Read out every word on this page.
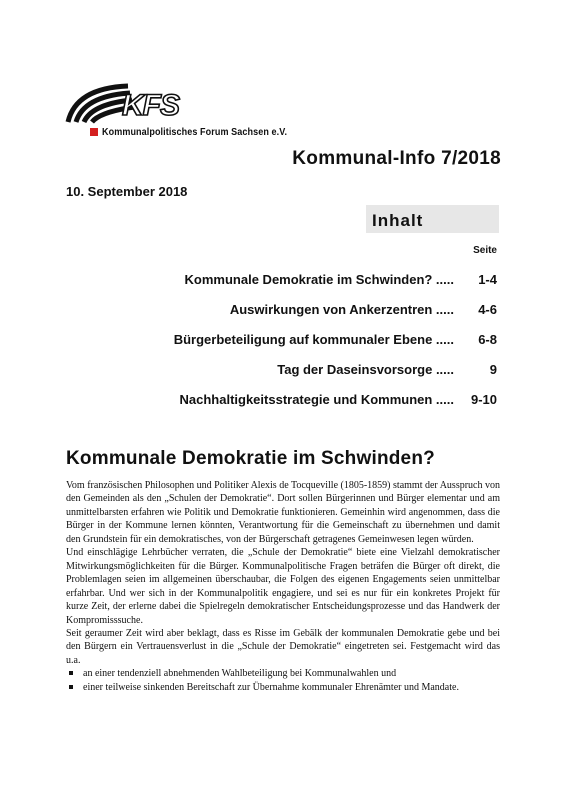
KFS
Kommunalpolitisches Forum Sachsen e.V.
Kommunal-Info 7/2018
10. September 2018
Inhalt
Seite
Kommunale Demokratie im Schwinden? .....	1-4
Auswirkungen von Ankerzentren .....	4-6
Bürgerbeteiligung auf kommunaler Ebene .....	6-8
Tag der Daseinsvorsorge .....	9
Nachhaltigkeitsstrategie und Kommunen .....	9-10
Kommunale Demokratie im Schwinden?

Vom französischen Philosophen und Politiker Alexis de Tocqueville (1805-1859) stammt der Ausspruch von den Gemeinden als den „Schulen der Demokratie“. Dort sollen Bürgerinnen und Bürger elementar und am unmittelbarsten erfahren wie Politik und Demokratie funktionieren. Gemeinhin wird angenommen, dass die Bürger in der Kommune lernen könnten, Verantwortung für die Gemeinschaft zu übernehmen und damit den Grundstein für ein demokratisches, von der Bürgerschaft getragenes Gemeinwesen legen würden.

Und einschlägige Lehrbücher verraten, die „Schule der Demokratie“ biete eine Vielzahl demokratischer Mitwirkungsmöglichkeiten für die Bürger. Kommunalpolitische Fragen beträfen die Bürger oft direkt, die Problemlagen seien im allgemeinen überschaubar, die Folgen des eigenen Engagements seien unmittelbar erfahrbar. Und wer sich in der Kommunalpolitik engagiere, und sei es nur für ein konkretes Projekt für kurze Zeit, der erlerne dabei die Spielregeln demokratischer Entscheidungsprozesse und das Handwerk der Kompromisssuche.

Seit geraumer Zeit wird aber beklagt, dass es Risse im Gebälk der kommunalen Demokratie gebe und bei den Bürgern ein Vertrauensverlust in die „Schule der Demokratie“ eingetreten sei. Festgemacht wird das u.a.

an einer tendenziell abnehmenden Wahlbeteiligung bei Kommunalwahlen und
einer teilweise sinkenden Bereitschaft zur Übernahme kommunaler Ehrenämter und Mandate.
